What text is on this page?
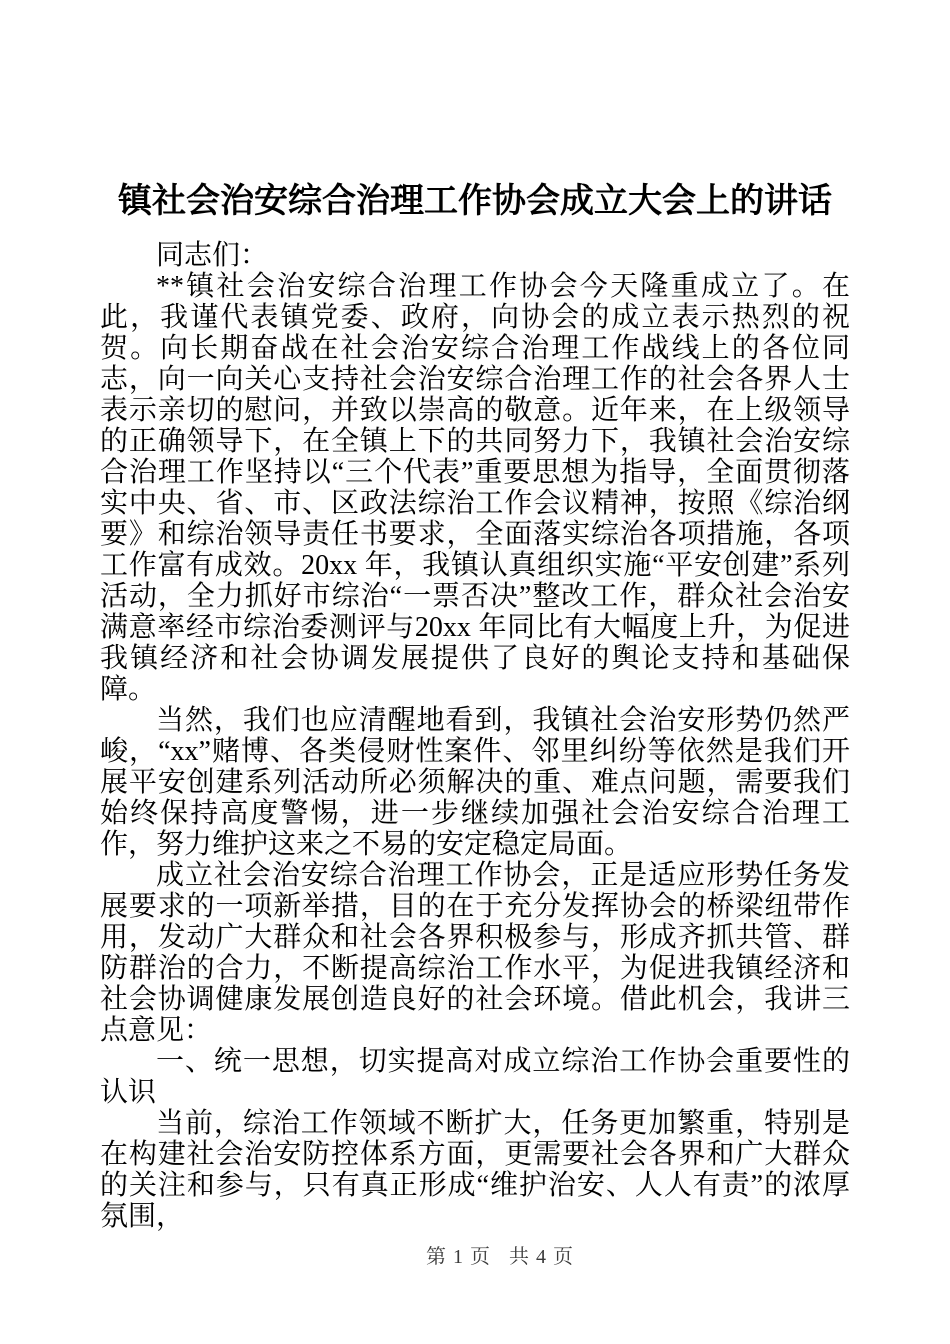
镇社会治安综合治理工作协会成立大会上的讲话

同志们：

**镇社会治安综合治理工作协会今天隆重成立了。在此，我谨代表镇党委、政府，向协会的成立表示热烈的祝贺。向长期奋战在社会治安综合治理工作战线上的各位同志，向一向关心支持社会治安综合治理工作的社会各界人士表示亲切的慰问，并致以崇高的敬意。近年来，在上级领导的正确领导下，在全镇上下的共同努力下，我镇社会治安综合治理工作坚持以“三个代表”重要思想为指导，全面贯彻落实中央、省、市、区政法综治工作会议精神，按照《综治纲要》和综治领导责任书要求，全面落实综治各项措施，各项工作富有成效。20xx 年，我镇认真组织实施“平安创建”系列活动，全力抓好市综治“一票否决”整改工作，群众社会治安满意率经市综治委测评与20xx 年同比有大幅度上升，为促进我镇经济和社会协调发展提供了良好的舆论支持和基础保障。

当然，我们也应清醒地看到，我镇社会治安形势仍然严峻，“xx”赌博、各类侵财性案件、邻里纠纷等依然是我们开展平安创建系列活动所必须解决的重、难点问题，需要我们始终保持高度警惕，进一步继续加强社会治安综合治理工作，努力维护这来之不易的安定稳定局面。

成立社会治安综合治理工作协会，正是适应形势任务发展要求的一项新举措，目的在于充分发挥协会的桥梁纽带作用，发动广大群众和社会各界积极参与，形成齐抓共管、群防群治的合力，不断提高综治工作水平，为促进我镇经济和社会协调健康发展创造良好的社会环境。借此机会，我讲三点意见：

一、统一思想，切实提高对成立综治工作协会重要性的认识

当前，综治工作领域不断扩大，任务更加繁重，特别是在构建社会治安防控体系方面，更需要社会各界和广大群众的关注和参与，只有真正形成“维护治安、人人有责”的浓厚氛围，

第 1 页 共 4 页
